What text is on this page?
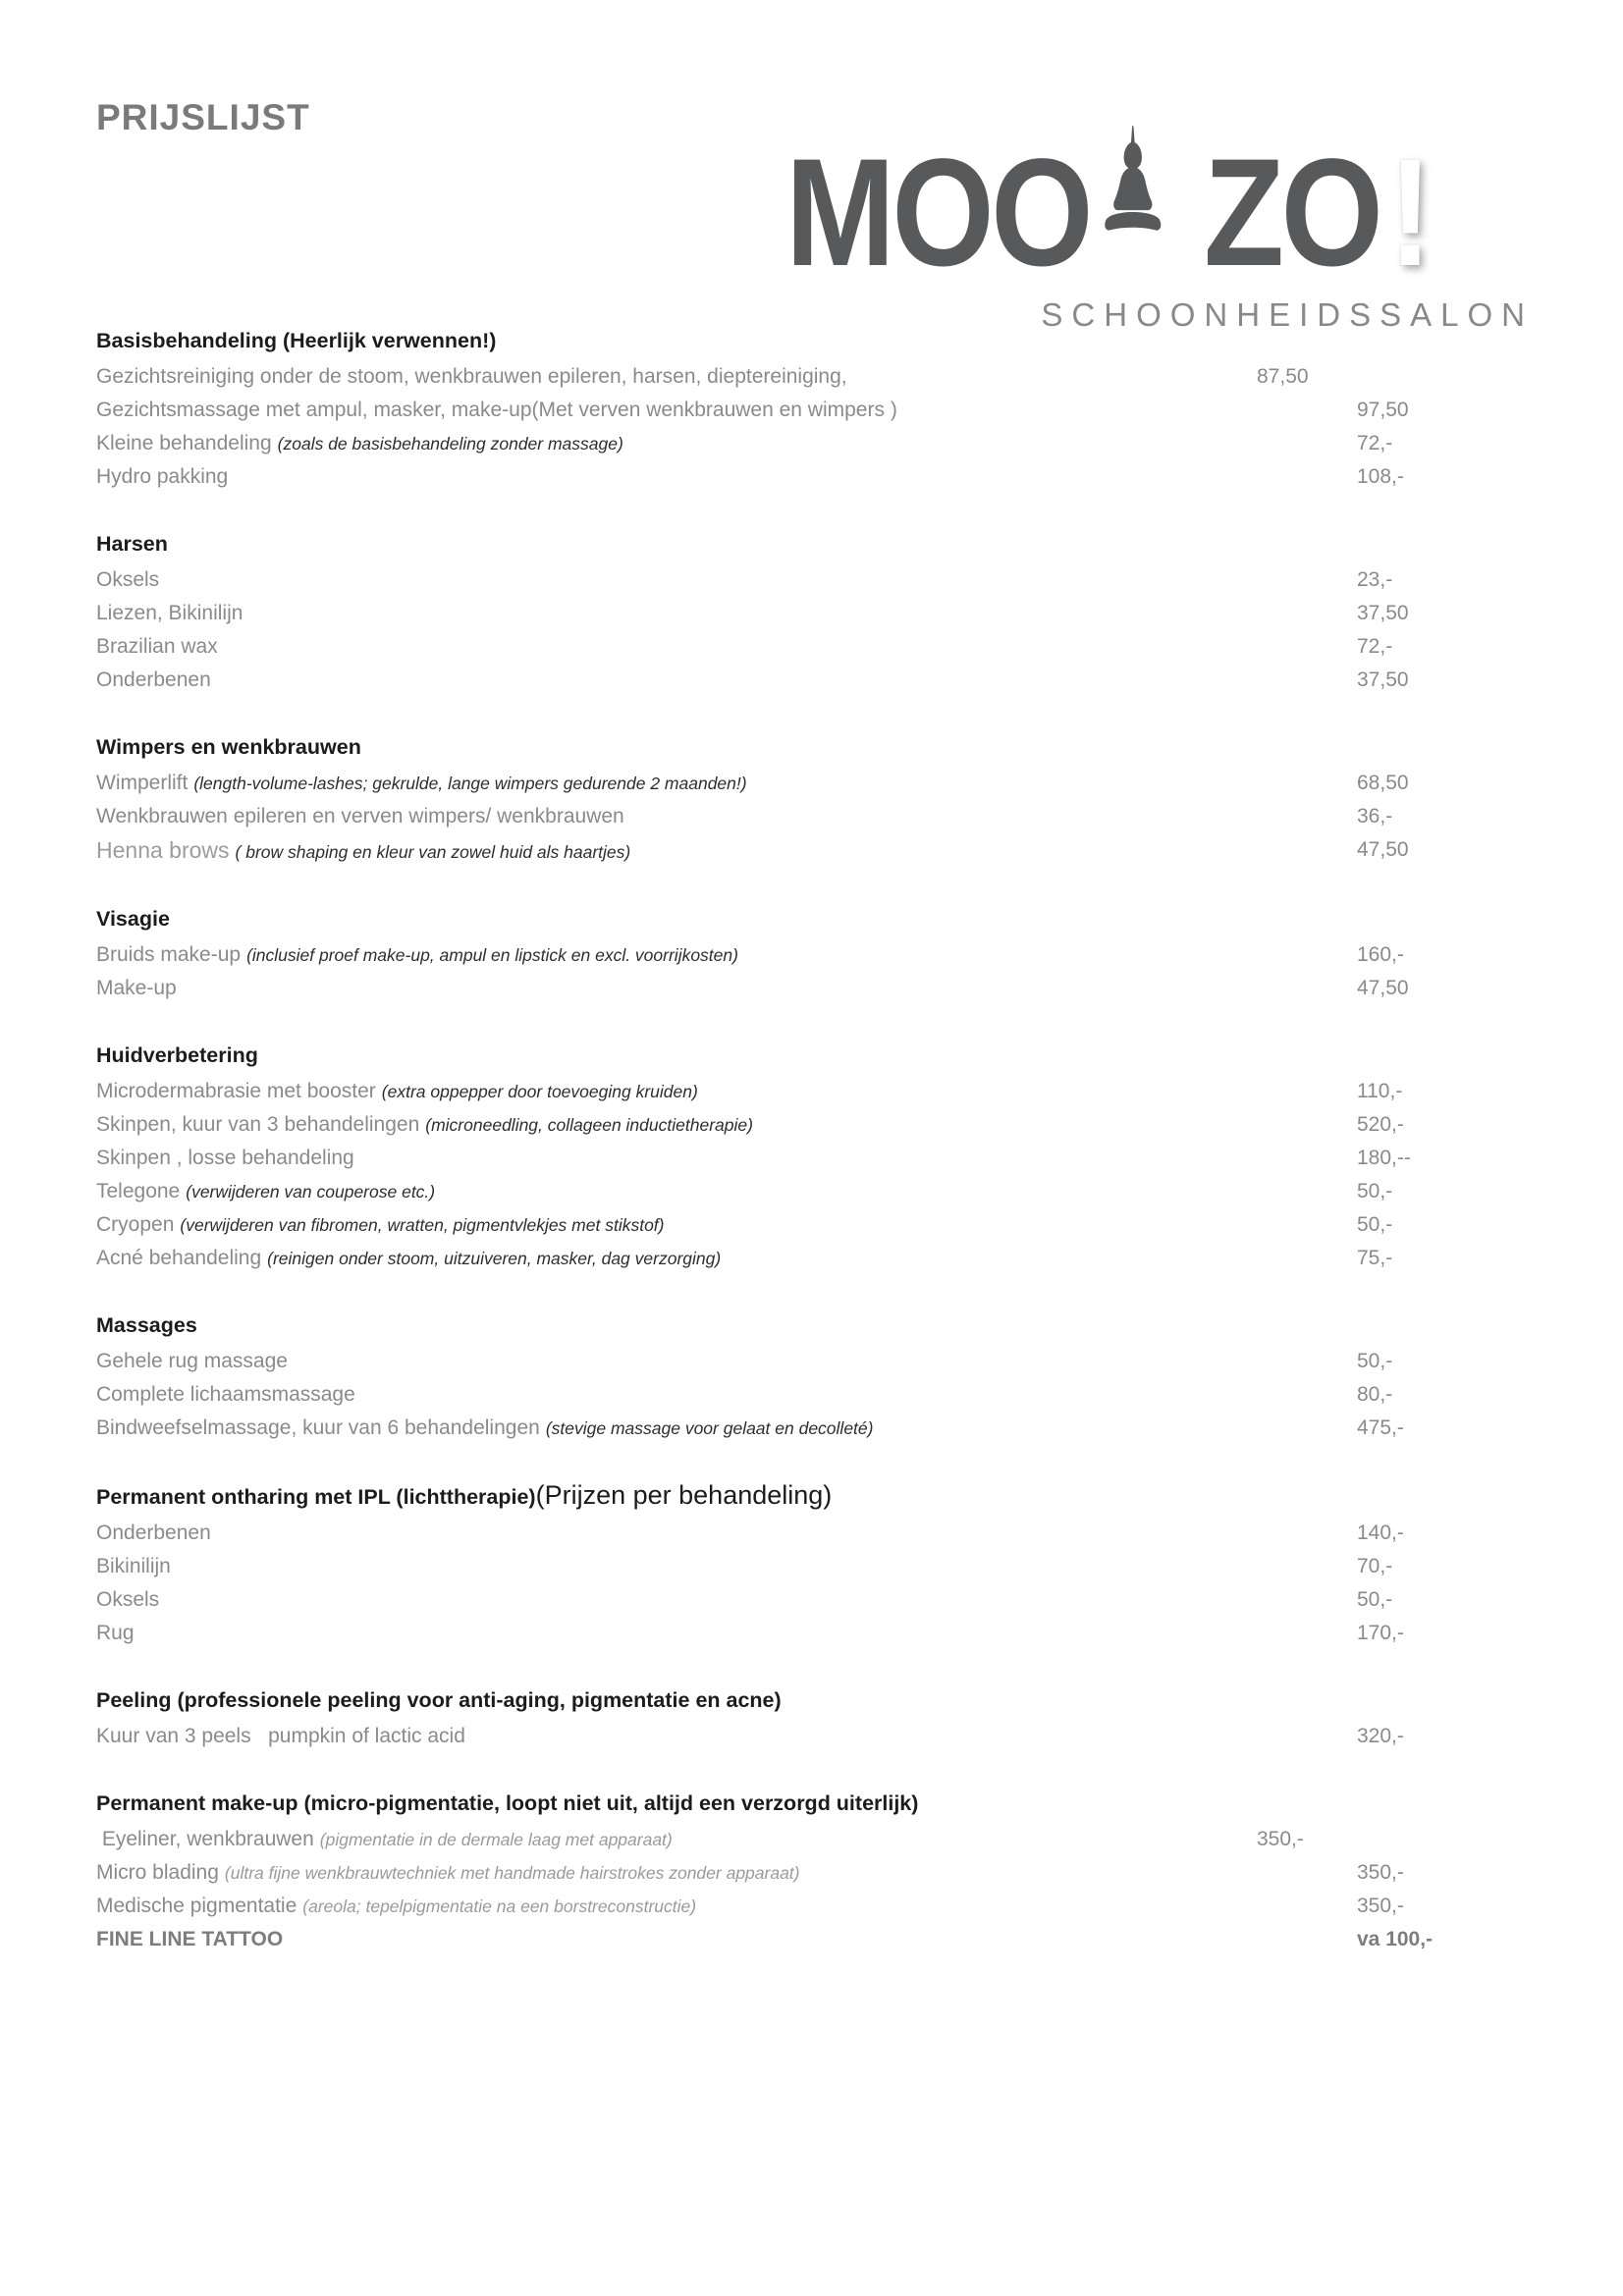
MOO ZO !
SCHOONHEIDSSALON
PRIJSLIJST
Basisbehandeling (Heerlijk verwennen!)
Gezichtsreiniging onder de stoom, wenkbrauwen epileren, harsen, dieptereiniging,	87,50
Gezichtsmassage met ampul, masker, make-up(Met verven wenkbrauwen en wimpers )	97,50
Kleine behandeling (zoals de basisbehandeling zonder massage)	72,-
Hydro pakking	108,-
Harsen
Oksels	23,-
Liezen, Bikinilijn	37,50
Brazilian wax	72,-
Onderbenen	37,50
Wimpers en wenkbrauwen
Wimperlift (length-volume-lashes; gekrulde, lange wimpers gedurende 2 maanden!)	68,50
Wenkbrauwen epileren en verven wimpers/ wenkbrauwen	36,-
Henna brows ( brow shaping en kleur van zowel huid als haartjes)	47,50
Visagie
Bruids make-up (inclusief proef make-up, ampul en lipstick en excl. voorrijkosten)	160,-
Make-up	47,50
Huidverbetering
Microdermabrasie met booster (extra oppepper door toevoeging kruiden)	110,-
Skinpen, kuur van 3 behandelingen (microneedling, collageen inductietherapie)	520,-
Skinpen , losse behandeling	180,--
Telegone (verwijderen van couperose etc.)	50,-
Cryopen (verwijderen van fibromen, wratten, pigmentvlekjes met stikstof)	50,-
Acné behandeling (reinigen onder stoom, uitzuiveren, masker, dag verzorging)	75,-
Massages
Gehele rug massage	50,-
Complete lichaamsmassage	80,-
Bindweefselmassage, kuur van 6 behandelingen (stevige massage voor gelaat en decolleté)	475,-
Permanent ontharing met IPL (lichttherapie)(Prijzen per behandeling)
Onderbenen	140,-
Bikinilijn	70,-
Oksels	50,-
Rug	170,-
Peeling (professionele peeling voor anti-aging, pigmentatie en acne)
Kuur van 3 peels   pumpkin of lactic acid	320,-
Permanent make-up (micro-pigmentatie, loopt niet uit, altijd een verzorgd uiterlijk)
Eyeliner, wenkbrauwen (pigmentatie in de dermale laag met apparaat)	350,-
Micro blading (ultra fijne wenkbrauwtechniek met handmade hairstrokes zonder apparaat)	350,-
Medische pigmentatie (areola; tepelpigmentatie na een borstreconstructie)	350,-
FINE LINE TATTOO	va 100,-
